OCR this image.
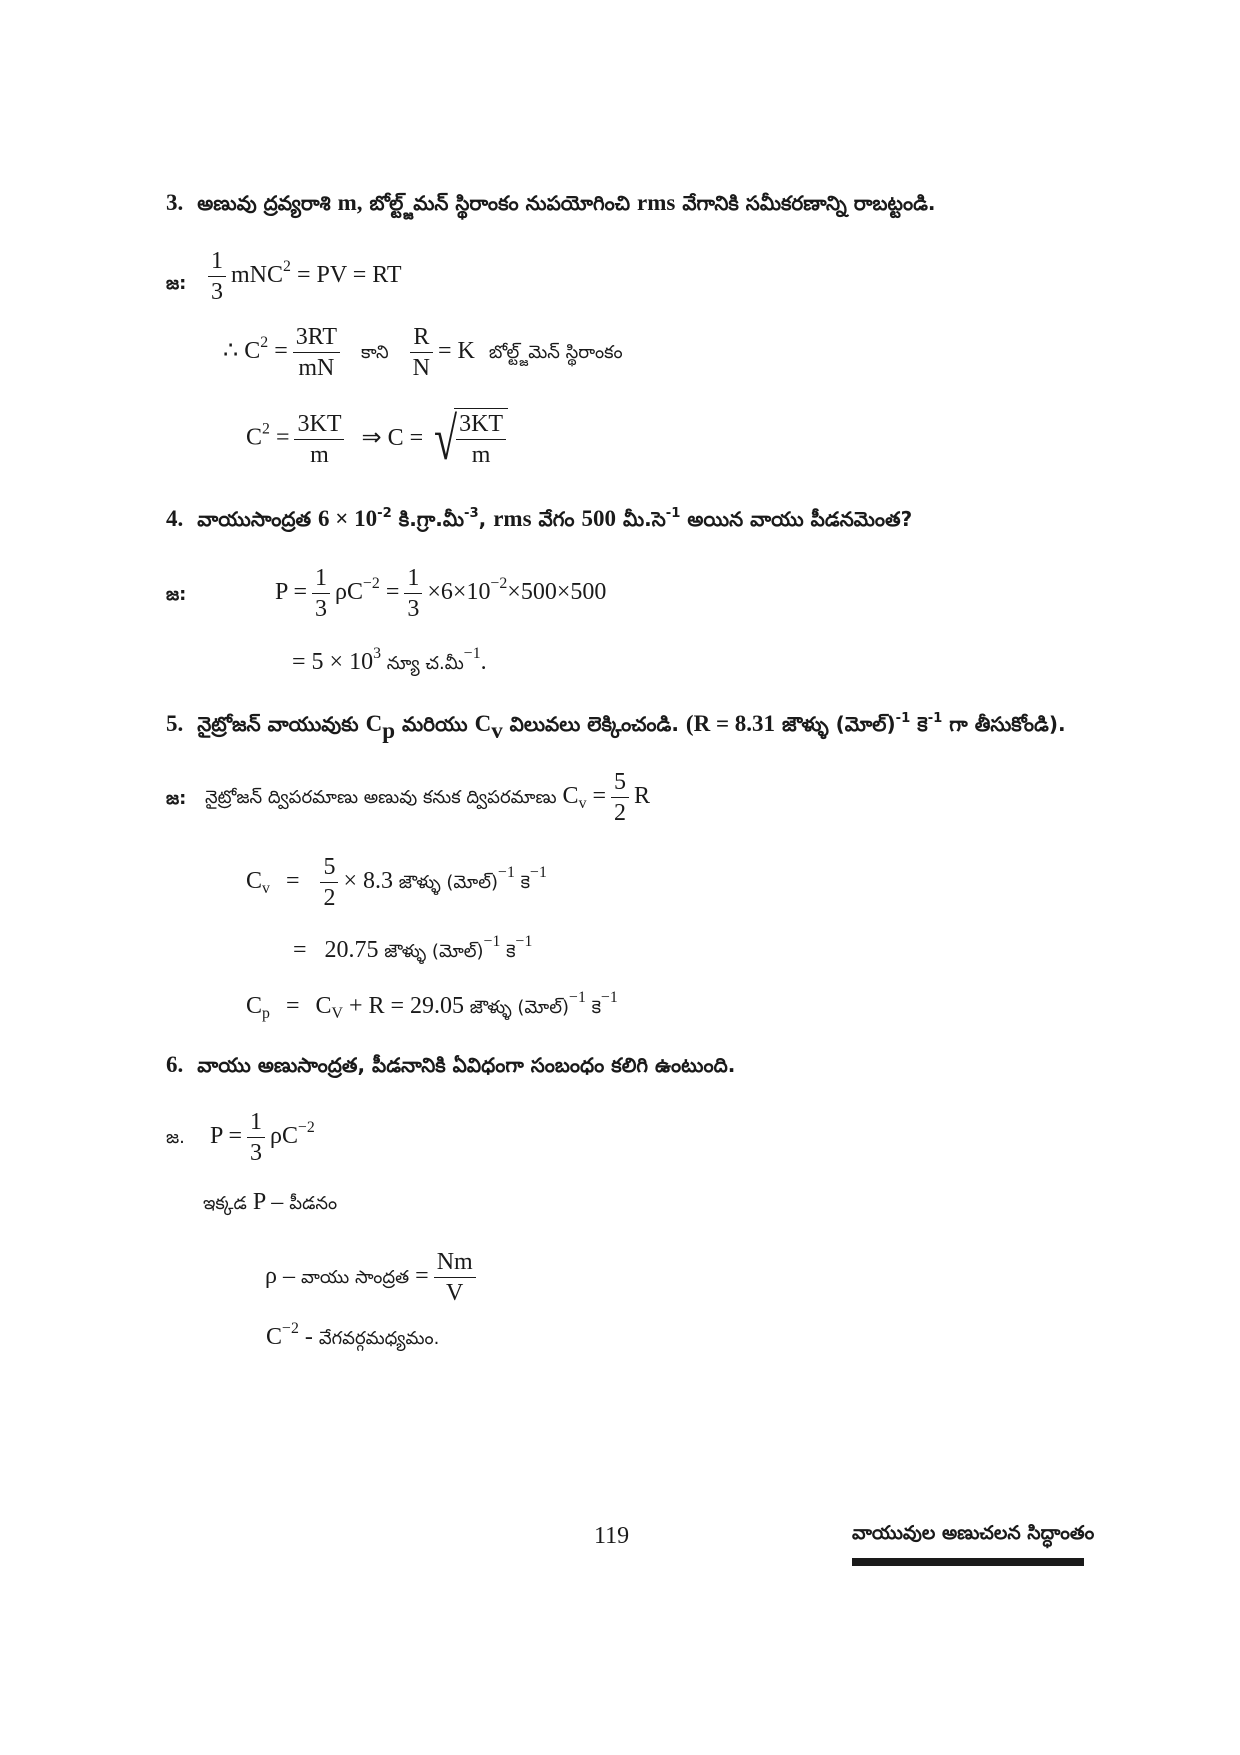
3. అణువు ద్రవ్యరాశి m, బోల్ట్జ్‌మన్ స్థిరాంకం నుపయోగించి rms వేగానికి సమీకరణాన్ని రాబట్టండి.
జ: $\frac{1}{3} mNC^2$ = PV = RT
∴ $C^2 = \frac{3RT}{mN}$ కాని $\frac{R}{N} = K$ బోల్ట్జ్‌మెన్ స్థిరాంకం
$C^2 = \frac{3KT}{m}$ ⇒ C = √
$\frac{3KT}{m}$
4. వాయుసాంద్రత $6 \times 10^{-2}$ కి.గ్రా.మీ$^{-3}$, rms వేగం 500 మీ.సె$^{-1}$ అయిన వాయు పీడనమెంత?
జ:	$P = \frac{1}{3} \rho C^{-2} = \frac{1}{3} \times 6\times 10^{-2}\times 500\times 500$
= $5 \times 10^3$ న్యూ చ.మీ$^{-1}$.
5. నైట్రోజన్ వాయువుకు $C_p$ మరియు $C_v$ విలువలు లెక్కించండి. (R = 8.31 జౌళ్ళు (మోల్)$^{-1}$ కె$^{-1}$ గా తీసుకోండి).
జ: నైట్రోజన్ ద్విపరమాణు అణువు కనుక ద్విపరమాణు $C_v = \frac{5}{2}$ R
$C_v = \frac{5}{2} \times 8.3$ జౌళ్ళు (మోల్)$^{-1}$ కె$^{-1}$
= 20.75 జౌళ్ళు (మోల్)$^{-1}$ కె$^{-1}$
$C_p = C_V + R = 29.05$ జౌళ్ళు (మోల్)$^{-1}$ కె$^{-1}$
6. వాయు అణుసాంద్రత, పీడనానికి ఏవిధంగా సంబంధం కలిగి ఉంటుంది.
జ. $P = \frac{1}{3} \rho C^{-2}$
ఇక్కడ P – పీడనం
ρ – వాయు సాంద్రత = $\frac{Nm}{V}$
$C^{-2}$ - వేగవర్గమధ్యమం.
119	వాయువుల అణుచలన సిద్ధాంతం
